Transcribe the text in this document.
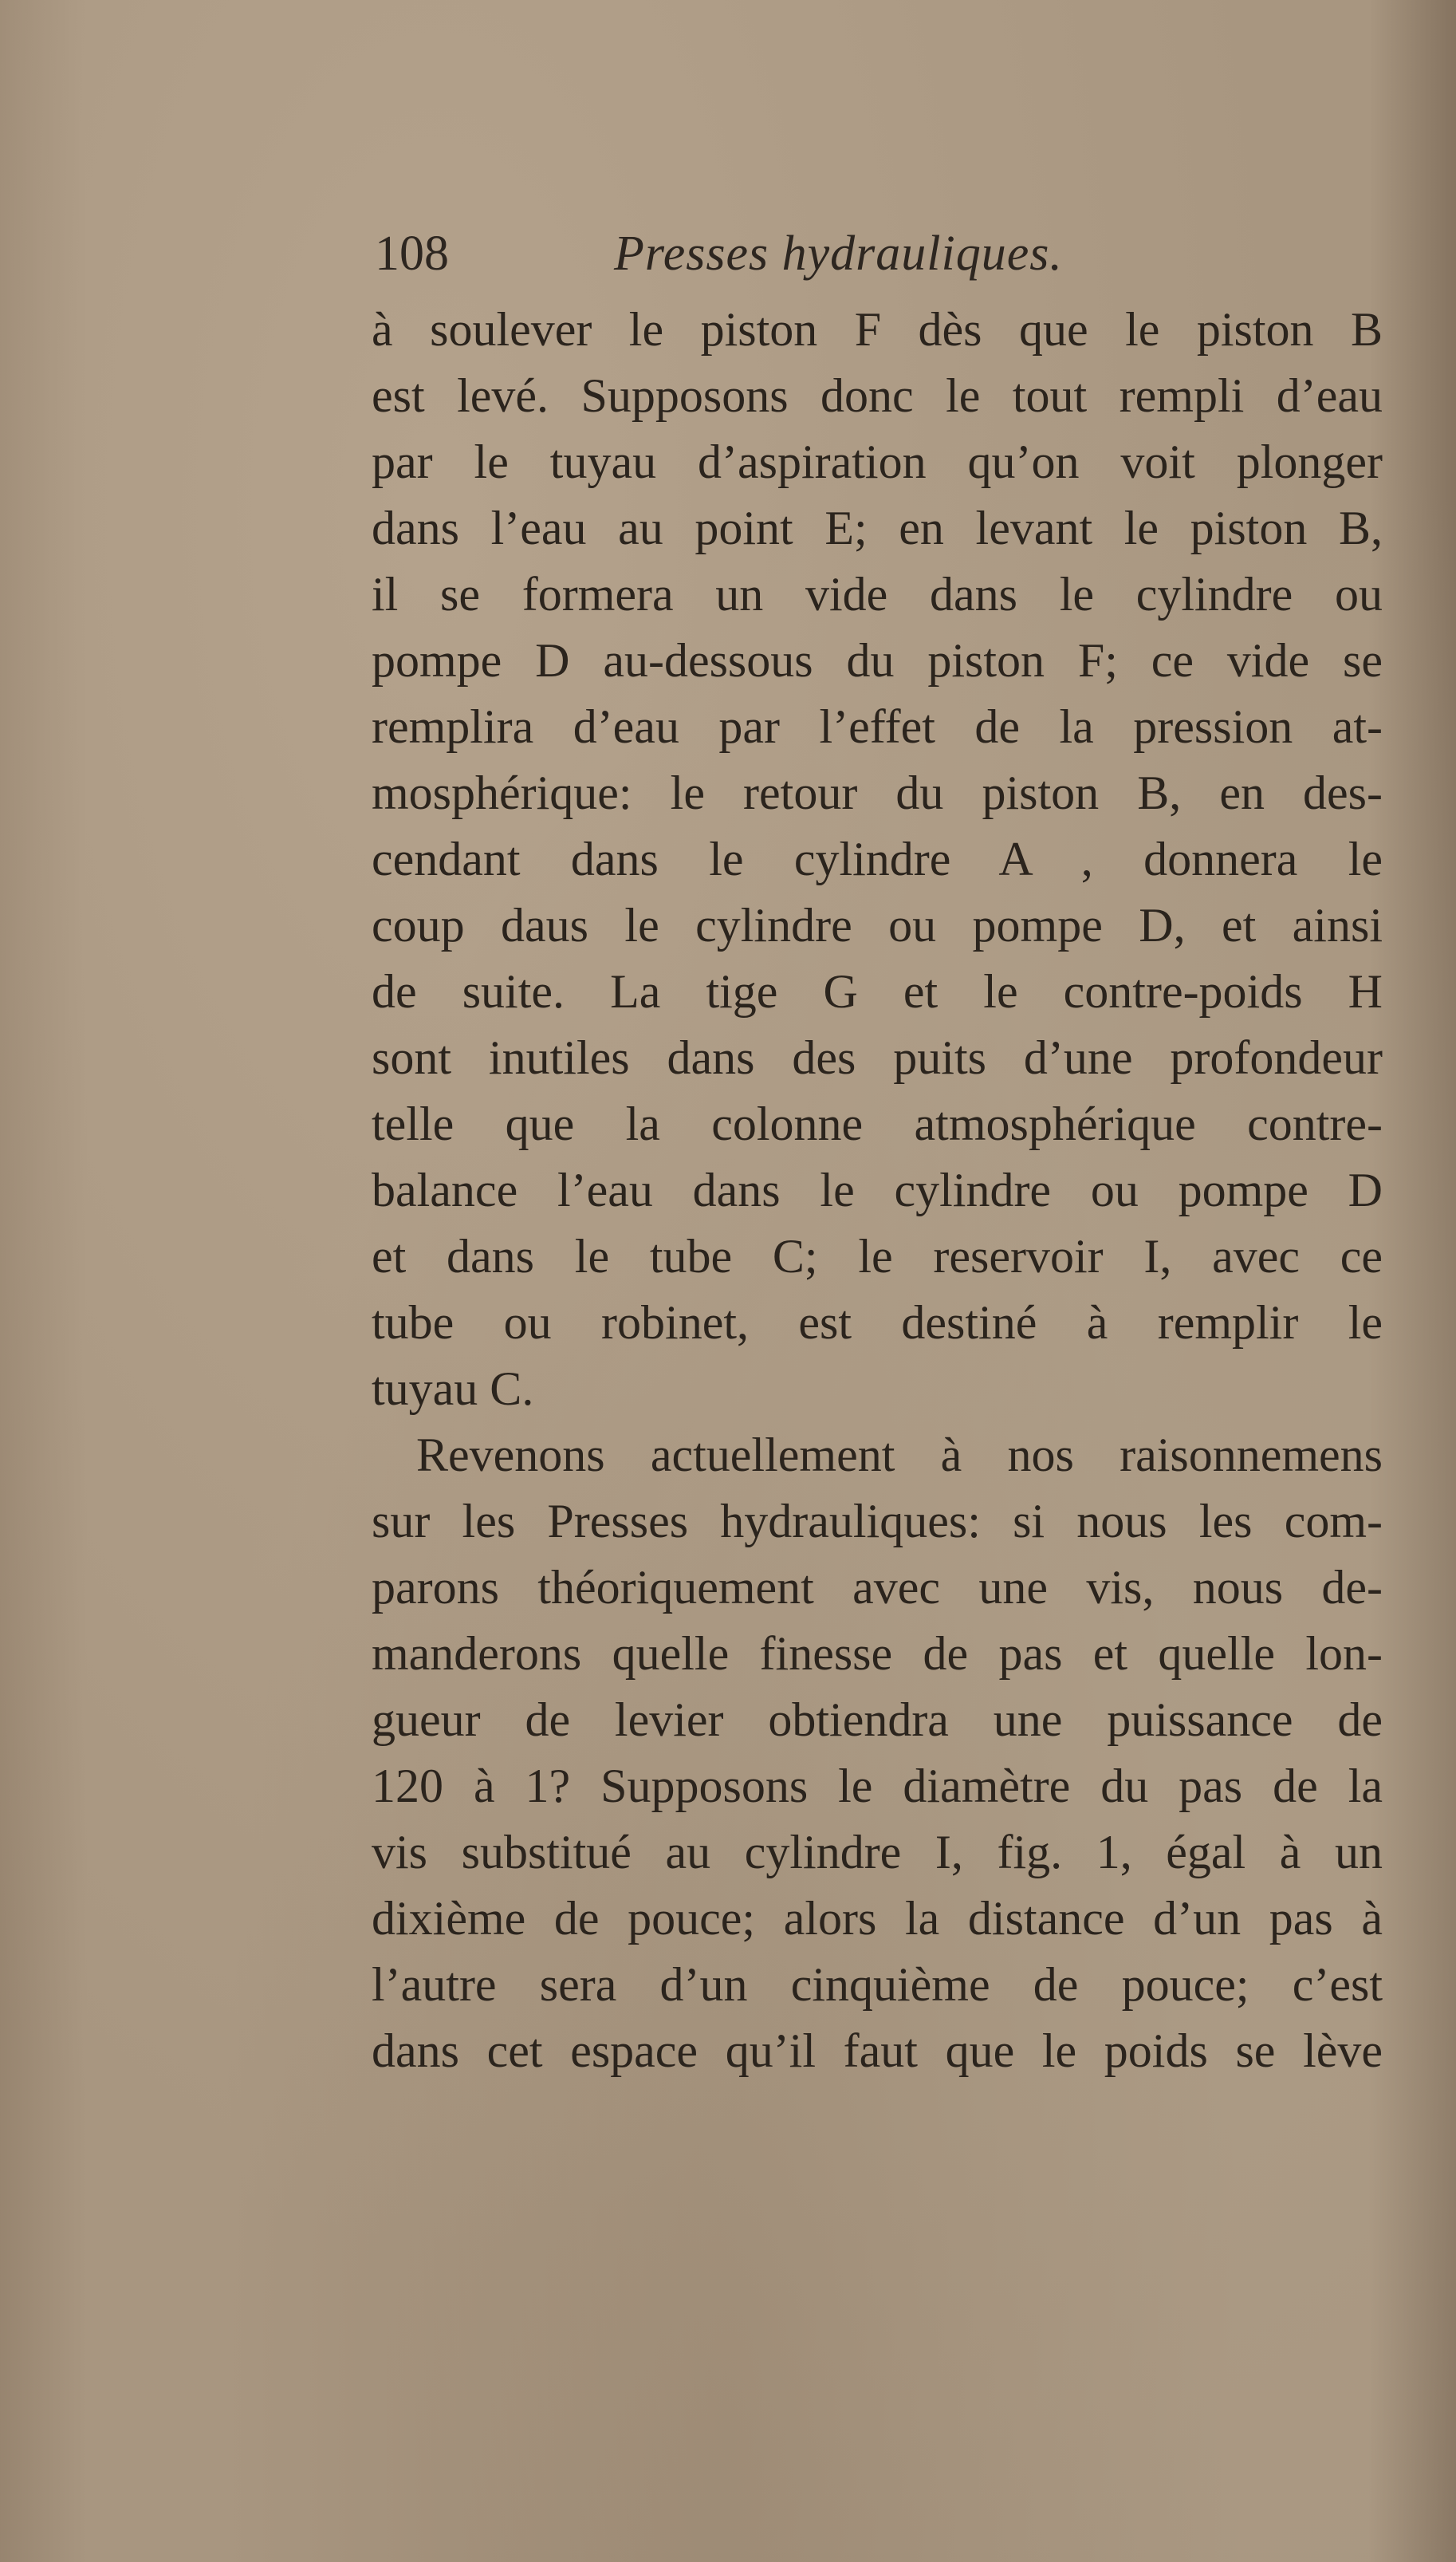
108	Presses hydrauliques.
à soulever le piston F dès que le piston B
est levé. Supposons donc le tout rempli d’eau
par le tuyau d’aspiration qu’on voit plonger
dans l’eau au point E; en levant le piston B,
il se formera un vide dans le cylindre ou
pompe D au-dessous du piston F; ce vide se
remplira d’eau par l’effet de la pression at-
mosphérique: le retour du piston B, en des-
cendant dans le cylindre A , donnera le
coup daus le cylindre ou pompe D, et ainsi
de suite. La tige G et le contre-poids H
sont inutiles dans des puits d’une profondeur
telle que la colonne atmosphérique contre-
balance l’eau dans le cylindre ou pompe D
et dans le tube C; le reservoir I, avec ce
tube ou robinet, est destiné à remplir le
tuyau C.
Revenons actuellement à nos raisonnemens
sur les Presses hydrauliques: si nous les com-
parons théoriquement avec une vis, nous de-
manderons quelle finesse de pas et quelle lon-
gueur de levier obtiendra une puissance de
120 à 1? Supposons le diamètre du pas de la
vis substitué au cylindre I, fig. 1, égal à un
dixième de pouce; alors la distance d’un pas à
l’autre sera d’un cinquième de pouce; c’est
dans cet espace qu’il faut que le poids se lève
